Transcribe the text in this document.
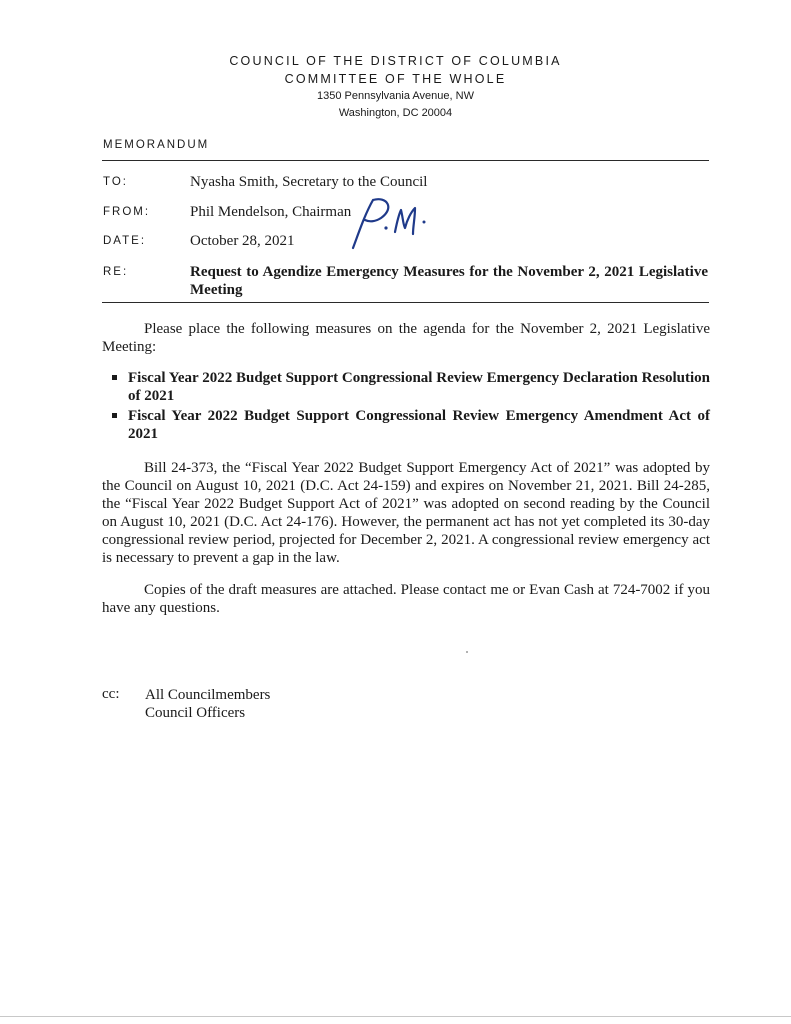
COUNCIL OF THE DISTRICT OF COLUMBIA
COMMITTEE OF THE WHOLE
1350 Pennsylvania Avenue, NW
Washington, DC 20004
MEMORANDUM
TO:	Nyasha Smith, Secretary to the Council
FROM:	Phil Mendelson, Chairman
DATE:	October 28, 2021
RE:	Request to Agendize Emergency Measures for the November 2, 2021 Legislative Meeting
Please place the following measures on the agenda for the November 2, 2021 Legislative Meeting:
Fiscal Year 2022 Budget Support Congressional Review Emergency Declaration Resolution of 2021
Fiscal Year 2022 Budget Support Congressional Review Emergency Amendment Act of 2021
Bill 24-373, the “Fiscal Year 2022 Budget Support Emergency Act of 2021” was adopted by the Council on August 10, 2021 (D.C. Act 24-159) and expires on November 21, 2021. Bill 24-285, the “Fiscal Year 2022 Budget Support Act of 2021” was adopted on second reading by the Council on August 10, 2021 (D.C. Act 24-176). However, the permanent act has not yet completed its 30-day congressional review period, projected for December 2, 2021. A congressional review emergency act is necessary to prevent a gap in the law.
Copies of the draft measures are attached. Please contact me or Evan Cash at 724-7002 if you have any questions.
cc: All Councilmembers
Council Officers
